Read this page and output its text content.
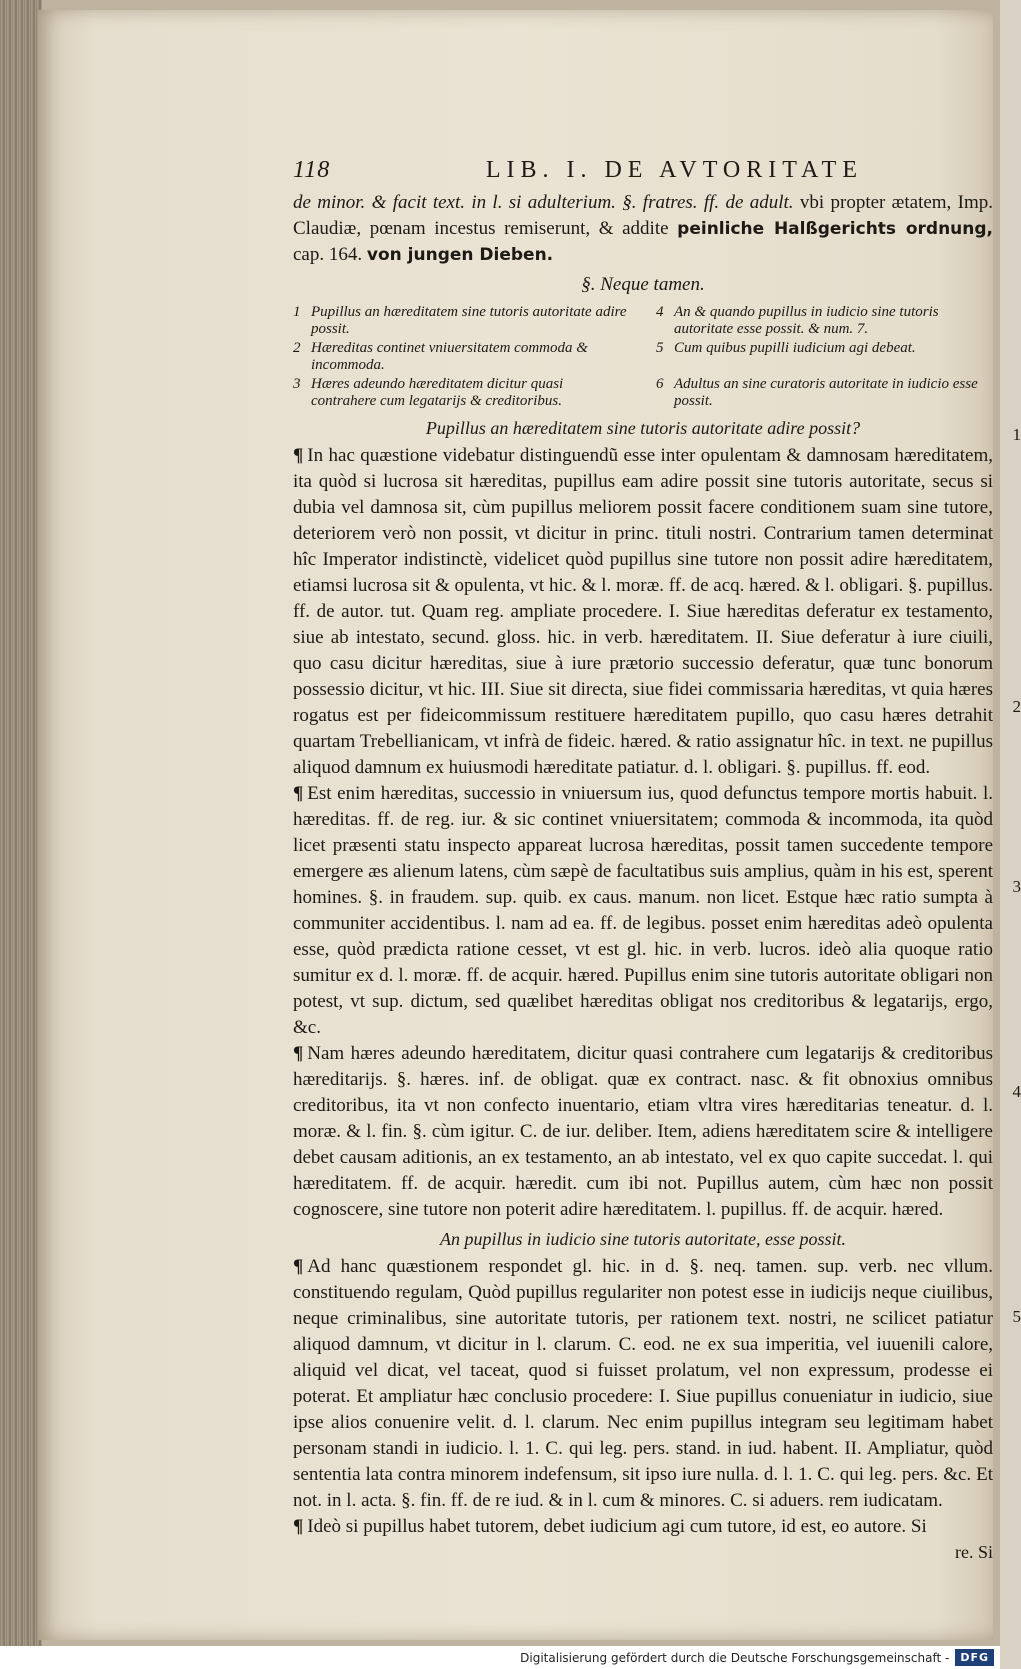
118	LIB. I. DE AVTORITATE

de minor. & facit text. in l. si adulterium. §. fratres. ff. de adult. vbi propter ætatem, Imp. Claudiæ, pœnam incestus remiserunt, & addite peinliche Halßgerichts ordnung, cap. 164. von jungen Dieben.

§. Neque tamen.
1 Pupillus an hæreditatem sine tutoris autoritate adire possit.
4 An & quando pupillus in iudicio sine tutoris autoritate esse possit. & num. 7.
2 Hæreditas continet vniuersitatem commoda & incommoda.
5 Cum quibus pupilli iudicium agi debeat.
3 Hæres adeundo hæreditatem dicitur quasi contrahere cum legatarijs & creditoribus.
6 Adultus an sine curatoris autoritate in iudicio esse possit.
Pupillus an hæreditatem sine tutoris autoritate adire possit?

¶ In hac quæstione videbatur distinguendũ esse inter opulentam & damnosam hæreditatem, ita quòd si lucrosa sit hæreditas, pupillus eam adire possit sine tutoris autoritate, secus si dubia vel damnosa sit, cùm pupillus meliorem possit facere conditionem suam sine tutore, deteriorem verò non possit, vt dicitur in princ. tituli nostri. Contrarium tamen determinat hîc Imperator indistinctè, videlicet quòd pupillus sine tutore non possit adire hæreditatem, etiamsi lucrosa sit & opulenta, vt hic. & l. moræ. ff. de acq. hæred. & l. obligari. §. pupillus. ff. de autor. tut. Quam reg. ampliate procedere. I. Siue hæreditas deferatur ex testamento, siue ab intestato, secund. gloss. hic. in verb. hæreditatem. II. Siue deferatur à iure ciuili, quo casu dicitur hæreditas, siue à iure prætorio successio deferatur, quæ tunc bonorum possessio dicitur, vt hic. III. Siue sit directa, siue fidei commissaria hæreditas, vt quia hæres rogatus est per fideicommissum restituere hæreditatem pupillo, quo casu hæres detrahit quartam Trebellianicam, vt infrà de fideic. hæred. & ratio assignatur hîc. in text. ne pupillus aliquod damnum ex huiusmodi hæreditate patiatur. d. l. obligari. §. pupillus. ff. eod.

¶ Est enim hæreditas, successio in vniuersum ius, quod defunctus tempore mortis habuit. l. hæreditas. ff. de reg. iur. & sic continet vniuersitatem; commoda & incommoda, ita quòd licet præsenti statu inspecto appareat lucrosa hæreditas, possit tamen succedente tempore emergere æs alienum latens, cùm sæpè de facultatibus suis amplius, quàm in his est, sperent homines. §. in fraudem. sup. quib. ex caus. manum. non licet. Estque hæc ratio sumpta à communiter accidentibus. l. nam ad ea. ff. de legibus. posset enim hæreditas adeò opulenta esse, quòd prædicta ratione cesset, vt est gl. hic. in verb. lucros. ideò alia quoque ratio sumitur ex d. l. moræ. ff. de acquir. hæred. Pupillus enim sine tutoris autoritate obligari non potest, vt sup. dictum, sed quælibet hæreditas obligat nos creditoribus & legatarijs, ergo, &c.

¶ Nam hæres adeundo hæreditatem, dicitur quasi contrahere cum legatarijs & creditoribus hæreditarijs. §. hæres. inf. de obligat. quæ ex contract. nasc. & fit obnoxius omnibus creditoribus, ita vt non confecto inuentario, etiam vltra vires hæreditarias teneatur. d. l. moræ. & l. fin. §. cùm igitur. C. de iur. deliber. Item, adiens hæreditatem scire & intelligere debet causam aditionis, an ex testamento, an ab intestato, vel ex quo capite succedat. l. qui hæreditatem. ff. de acquir. hæredit. cum ibi not. Pupillus autem, cùm hæc non possit cognoscere, sine tutore non poterit adire hæreditatem. l. pupillus. ff. de acquir. hæred.

An pupillus in iudicio sine tutoris autoritate, esse possit.

¶ Ad hanc quæstionem respondet gl. hic. in d. §. neq. tamen. sup. verb. nec vllum. constituendo regulam, Quòd pupillus regulariter non potest esse in iudicijs neque ciuilibus, neque criminalibus, sine autoritate tutoris, per rationem text. nostri, ne scilicet patiatur aliquod damnum, vt dicitur in l. clarum. C. eod. ne ex sua imperitia, vel iuuenili calore, aliquid vel dicat, vel taceat, quod si fuisset prolatum, vel non expressum, prodesse ei poterat. Et ampliatur hæc conclusio procedere: I. Siue pupillus conueniatur in iudicio, siue ipse alios conuenire velit. d. l. clarum. Nec enim pupillus integram seu legitimam habet personam standi in iudicio. l. 1. C. qui leg. pers. stand. in iud. habent. II. Ampliatur, quòd sententia lata contra minorem indefensum, sit ipso iure nulla. d. l. 1. C. qui leg. pers. &c. Et not. in l. acta. §. fin. ff. de re iud. & in l. cum & minores. C. si aduers. rem iudicatam.

¶ Ideò si pupillus habet tutorem, debet iudicium agi cum tutore, id est, eo autore. Si

re. Si
1
2
3
4
5
Digitalisierung gefördert durch die Deutsche Forschungsgemeinschaft -	DFG
